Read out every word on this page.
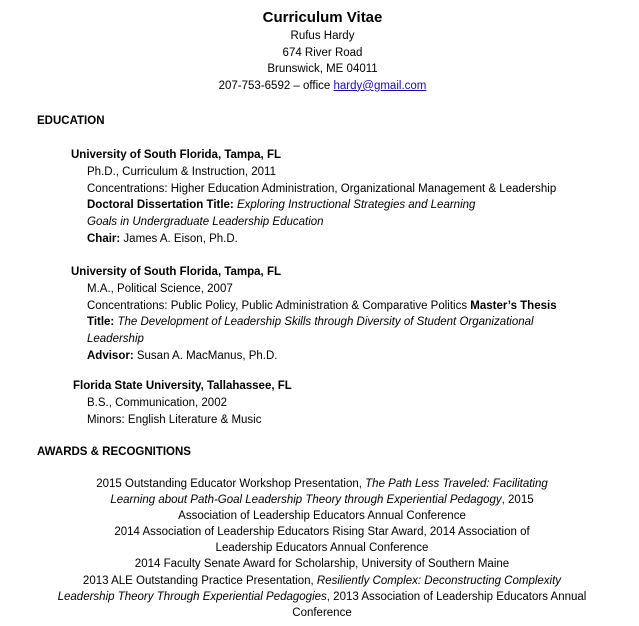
Curriculum Vitae
Rufus Hardy
674 River Road
Brunswick, ME 04011
207-753-6592 – office hardy@gmail.com
EDUCATION
University of South Florida, Tampa, FL
Ph.D., Curriculum & Instruction, 2011
Concentrations: Higher Education Administration, Organizational Management & Leadership
Doctoral Dissertation Title: Exploring Instructional Strategies and Learning
Goals in Undergraduate Leadership Education
Chair: James A. Eison, Ph.D.
University of South Florida, Tampa, FL
M.A., Political Science, 2007
Concentrations: Public Policy, Public Administration & Comparative Politics Master’s Thesis
Title: The Development of Leadership Skills through Diversity of Student Organizational
Leadership
Advisor: Susan A. MacManus, Ph.D.
Florida State University, Tallahassee, FL
B.S., Communication, 2002
Minors: English Literature & Music
AWARDS & RECOGNITIONS
2015 Outstanding Educator Workshop Presentation, The Path Less Traveled: Facilitating
Learning about Path-Goal Leadership Theory through Experiential Pedagogy, 2015
Association of Leadership Educators Annual Conference
2014 Association of Leadership Educators Rising Star Award, 2014 Association of
Leadership Educators Annual Conference
2014 Faculty Senate Award for Scholarship, University of Southern Maine
2013 ALE Outstanding Practice Presentation, Resiliently Complex: Deconstructing Complexity
Leadership Theory Through Experiential Pedagogies, 2013 Association of Leadership Educators Annual
Conference
